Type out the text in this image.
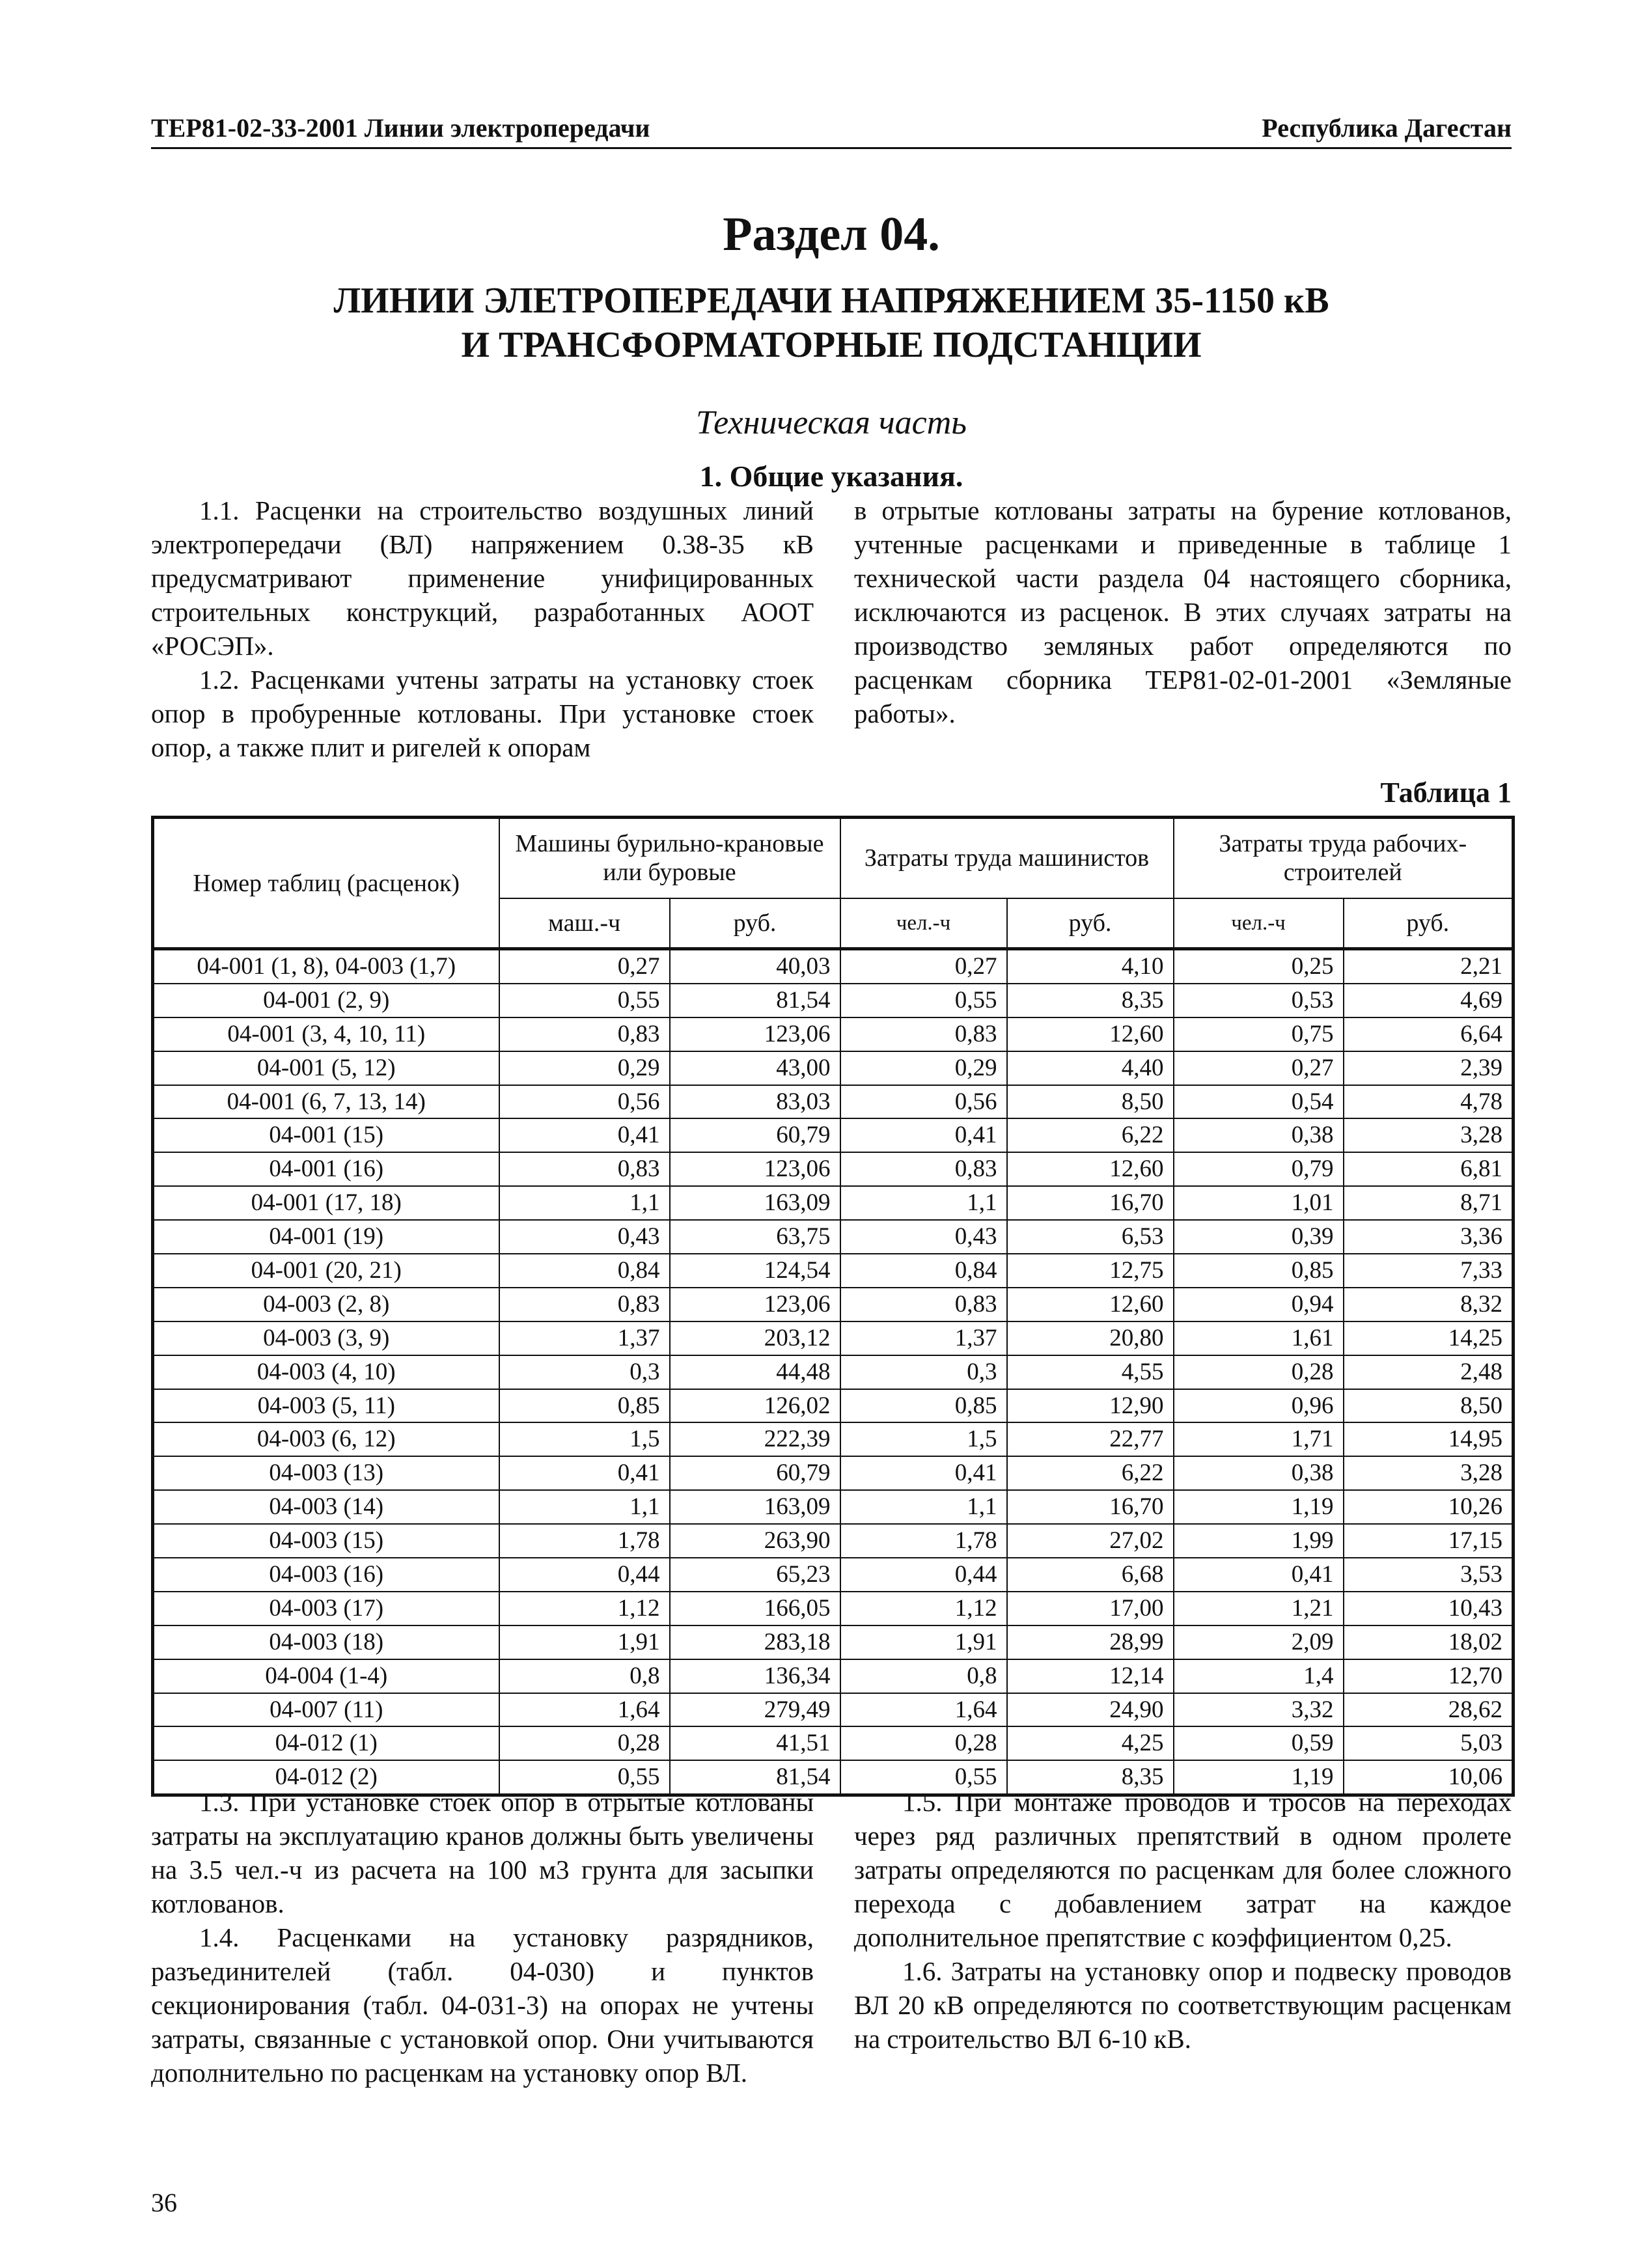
ТЕР81-02-33-2001 Линии электропередачи	Республика Дагестан
Раздел 04.
ЛИНИИ ЭЛЕТРОПЕРЕДАЧИ НАПРЯЖЕНИЕМ 35-1150 кВ
И ТРАНСФОРМАТОРНЫЕ ПОДСТАНЦИИ
Техническая часть
1. Общие указания.

1.1. Расценки на строительство воздушных линий электропередачи (ВЛ) напряжением 0.38-35 кВ предусматривают применение унифицированных строительных конструкций, разработанных АООТ «РОСЭП».

1.2. Расценками учтены затраты на установку стоек опор в пробуренные котлованы. При установке стоек опор, а также плит и ригелей к опорам

в отрытые котлованы затраты на бурение котлованов, учтенные расценками и приведенные в таблице 1 технической части раздела 04 настоящего сборника, исключаются из расценок. В этих случаях затраты на производство земляных работ определяются по расценкам сборника ТЕР81-02-01-2001 «Земляные работы».

Таблица 1
Номер таблиц (расценок)	Машины бурильно-крановые или буровые		Затраты труда машинистов		Затраты труда рабочих-строителей	
	маш.-ч	руб.	чел.-ч	руб.	чел.-ч	руб.
04-001 (1, 8), 04-003 (1,7)	0,27	40,03	0,27	4,10	0,25	2,21
04-001 (2, 9)	0,55	81,54	0,55	8,35	0,53	4,69
04-001 (3, 4, 10, 11)	0,83	123,06	0,83	12,60	0,75	6,64
04-001 (5, 12)	0,29	43,00	0,29	4,40	0,27	2,39
04-001 (6, 7, 13, 14)	0,56	83,03	0,56	8,50	0,54	4,78
04-001 (15)	0,41	60,79	0,41	6,22	0,38	3,28
04-001 (16)	0,83	123,06	0,83	12,60	0,79	6,81
04-001 (17, 18)	1,1	163,09	1,1	16,70	1,01	8,71
04-001 (19)	0,43	63,75	0,43	6,53	0,39	3,36
04-001 (20, 21)	0,84	124,54	0,84	12,75	0,85	7,33
04-003 (2, 8)	0,83	123,06	0,83	12,60	0,94	8,32
04-003 (3, 9)	1,37	203,12	1,37	20,80	1,61	14,25
04-003 (4, 10)	0,3	44,48	0,3	4,55	0,28	2,48
04-003 (5, 11)	0,85	126,02	0,85	12,90	0,96	8,50
04-003 (6, 12)	1,5	222,39	1,5	22,77	1,71	14,95
04-003 (13)	0,41	60,79	0,41	6,22	0,38	3,28
04-003 (14)	1,1	163,09	1,1	16,70	1,19	10,26
04-003 (15)	1,78	263,90	1,78	27,02	1,99	17,15
04-003 (16)	0,44	65,23	0,44	6,68	0,41	3,53
04-003 (17)	1,12	166,05	1,12	17,00	1,21	10,43
04-003 (18)	1,91	283,18	1,91	28,99	2,09	18,02
04-004 (1-4)	0,8	136,34	0,8	12,14	1,4	12,70
04-007 (11)	1,64	279,49	1,64	24,90	3,32	28,62
04-012 (1)	0,28	41,51	0,28	4,25	0,59	5,03
04-012 (2)	0,55	81,54	0,55	8,35	1,19	10,06

1.3. При установке стоек опор в отрытые котлованы затраты на эксплуатацию кранов должны быть увеличены на 3.5 чел.-ч из расчета на 100 м3 грунта для засыпки котлованов.

1.4. Расценками на установку разрядников, разъединителей (табл. 04-030) и пунктов секционирования (табл. 04-031-3) на опорах не учтены затраты, связанные с установкой опор. Они учитываются дополнительно по расценкам на установку опор ВЛ.

1.5. При монтаже проводов и тросов на переходах через ряд различных препятствий в одном пролете затраты определяются по расценкам для более сложного перехода с добавлением затрат на каждое дополнительное препятствие с коэффициентом 0,25.

1.6. Затраты на установку опор и подвеску проводов ВЛ 20 кВ определяются по соответствующим расценкам на строительство ВЛ 6-10 кВ.

36
